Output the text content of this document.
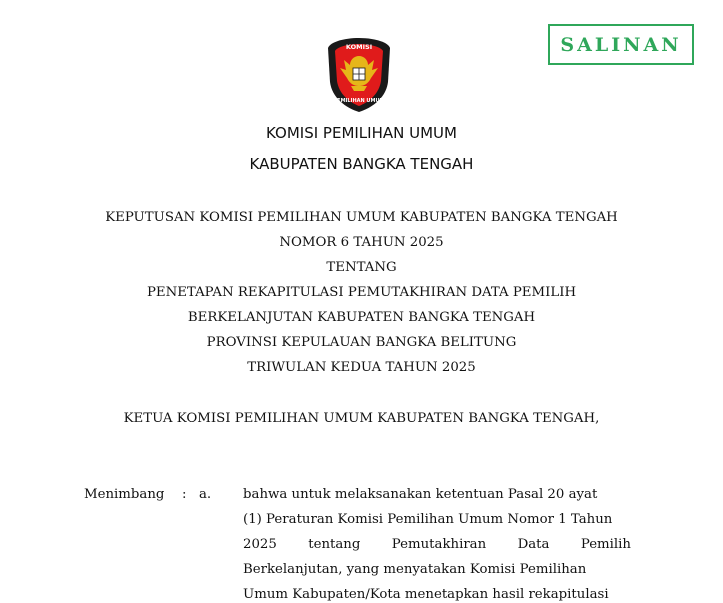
SALINAN
KOMISI
PEMILIHAN UMUM
KOMISI PEMILIHAN UMUM
KABUPATEN BANGKA TENGAH
KEPUTUSAN KOMISI PEMILIHAN UMUM KABUPATEN BANGKA TENGAH
NOMOR 6 TAHUN 2025
TENTANG
PENETAPAN REKAPITULASI PEMUTAKHIRAN DATA PEMILIH
BERKELANJUTAN KABUPATEN BANGKA TENGAH
PROVINSI KEPULAUAN BANGKA BELITUNG
TRIWULAN KEDUA TAHUN 2025
KETUA KOMISI PEMILIHAN UMUM KABUPATEN BANGKA TENGAH,
Menimbang : a. bahwa untuk melaksanakan ketentuan Pasal 20 ayat
(1) Peraturan Komisi Pemilihan Umum Nomor 1 Tahun
2025 tentang Pemutakhiran Data Pemilih
Berkelanjutan, yang menyatakan Komisi Pemilihan
Umum Kabupaten/Kota menetapkan hasil rekapitulasi
